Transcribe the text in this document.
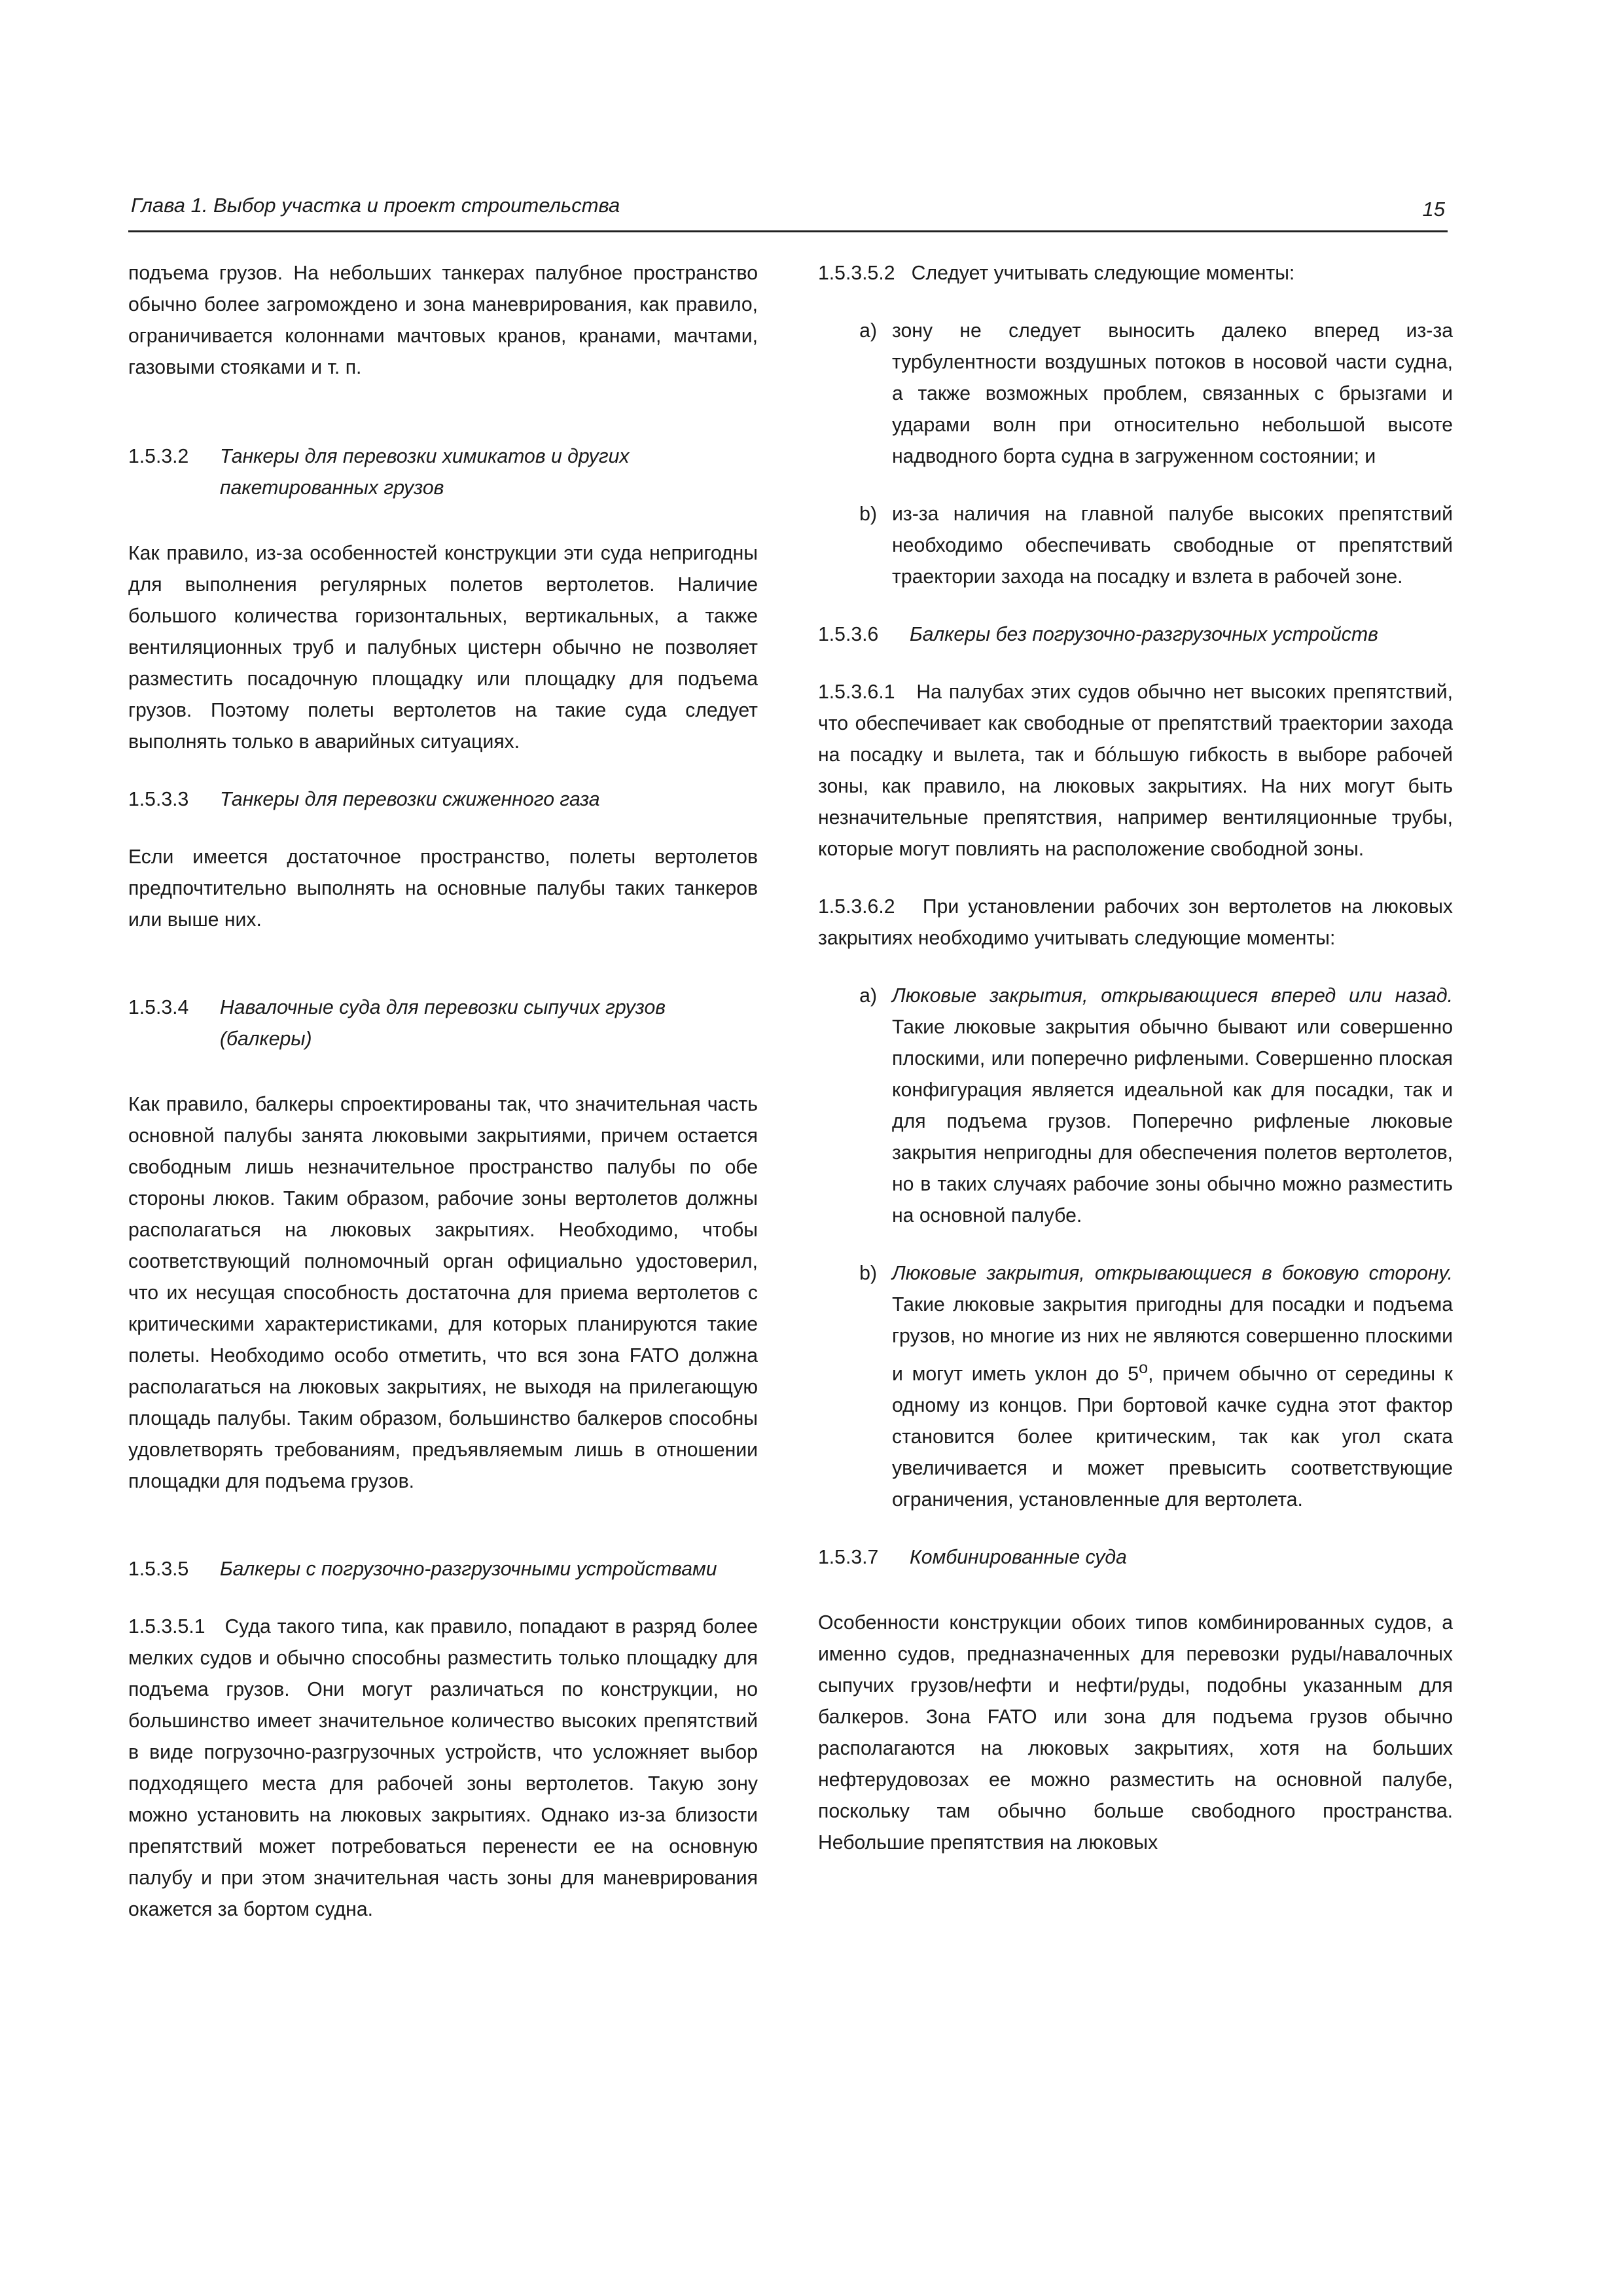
Глава 1. Выбор участка и проект строительства	15

подъема грузов. На небольших танкерах палубное пространство обычно более загромождено и зона маневрирования, как правило, ограничивается колоннами мачтовых кранов, кранами, мачтами, газовыми стояками и т. п.

1.5.3.2	Танкеры для перевозки химикатов и других пакетированных грузов

Как правило, из-за особенностей конструкции эти суда непригодны для выполнения регулярных полетов вертолетов. Наличие большого количества горизонтальных, вертикальных, а также вентиляционных труб и палубных цистерн обычно не позволяет разместить посадочную площадку или площадку для подъема грузов. Поэтому полеты вертолетов на такие суда следует выполнять только в аварийных ситуациях.

1.5.3.3	Танкеры для перевозки сжиженного газа

Если имеется достаточное пространство, полеты вертолетов предпочтительно выполнять на основные палубы таких танкеров или выше них.

1.5.3.4	Навалочные суда для перевозки сыпучих грузов (балкеры)

Как правило, балкеры спроектированы так, что значительная часть основной палубы занята люковыми закрытиями, причем остается свободным лишь незначительное пространство палубы по обе стороны люков. Таким образом, рабочие зоны вертолетов должны располагаться на люковых закрытиях. Необходимо, чтобы соответствующий полномочный орган официально удостоверил, что их несущая способность достаточна для приема вертолетов с критическими характеристиками, для которых планируются такие полеты. Необходимо особо отметить, что вся зона FATO должна располагаться на люковых закрытиях, не выходя на прилегающую площадь палубы. Таким образом, большинство балкеров способны удовлетворять требованиям, предъявляемым лишь в отношении площадки для подъема грузов.

1.5.3.5	Балкеры с погрузочно-разгрузочными устройствами

1.5.3.5.1 Суда такого типа, как правило, попадают в разряд более мелких судов и обычно способны разместить только площадку для подъема грузов. Они могут различаться по конструкции, но большинство имеет значительное количество высоких препятствий в виде погрузочно-разгрузочных устройств, что усложняет выбор подходящего места для рабочей зоны вертолетов. Такую зону можно установить на люковых закрытиях. Однако из-за близости препятствий может потребоваться перенести ее на основную палубу и при этом значительная часть зоны для маневрирования окажется за бортом судна.

1.5.3.5.2 Следует учитывать следующие моменты:

a) зону не следует выносить далеко вперед из-за турбулентности воздушных потоков в носовой части судна, а также возможных проблем, связанных с брызгами и ударами волн при относительно небольшой высоте надводного борта судна в загруженном состоянии; и
b) из-за наличия на главной палубе высоких препятствий необходимо обеспечивать свободные от препятствий траектории захода на посадку и взлета в рабочей зоне.
1.5.3.6	Балкеры без погрузочно-разгрузочных устройств

1.5.3.6.1 На палубах этих судов обычно нет высоких препятствий, что обеспечивает как свободные от препятствий траектории захода на посадку и вылета, так и бóльшую гибкость в выборе рабочей зоны, как правило, на люковых закрытиях. На них могут быть незначительные препятствия, например вентиляционные трубы, которые могут повлиять на расположение свободной зоны.

1.5.3.6.2 При установлении рабочих зон вертолетов на люковых закрытиях необходимо учитывать следующие моменты:

a) Люковые закрытия, открывающиеся вперед или назад. Такие люковые закрытия обычно бывают или совершенно плоскими, или поперечно рифлеными. Совершенно плоская конфигурация является идеальной как для посадки, так и для подъема грузов. Поперечно рифленые люковые закрытия непригодны для обеспечения полетов вертолетов, но в таких случаях рабочие зоны обычно можно разместить на основной палубе.
b) Люковые закрытия, открывающиеся в боковую сторону. Такие люковые закрытия пригодны для посадки и подъема грузов, но многие из них не являются совершенно плоскими и могут иметь уклон до $5^о$, причем обычно от середины к одному из концов. При бортовой качке судна этот фактор становится более критическим, так как угол ската увеличивается и может превысить соответствующие ограничения, установленные для вертолета.
1.5.3.7	Комбинированные суда

Особенности конструкции обоих типов комбинированных судов, а именно судов, предназначенных для перевозки руды/навалочных сыпучих грузов/нефти и нефти/руды, подобны указанным для балкеров. Зона FATO или зона для подъема грузов обычно располагаются на люковых закрытиях, хотя на больших нефтерудовозах ее можно разместить на основной палубе, поскольку там обычно больше свободного пространства. Небольшие препятствия на люковых
